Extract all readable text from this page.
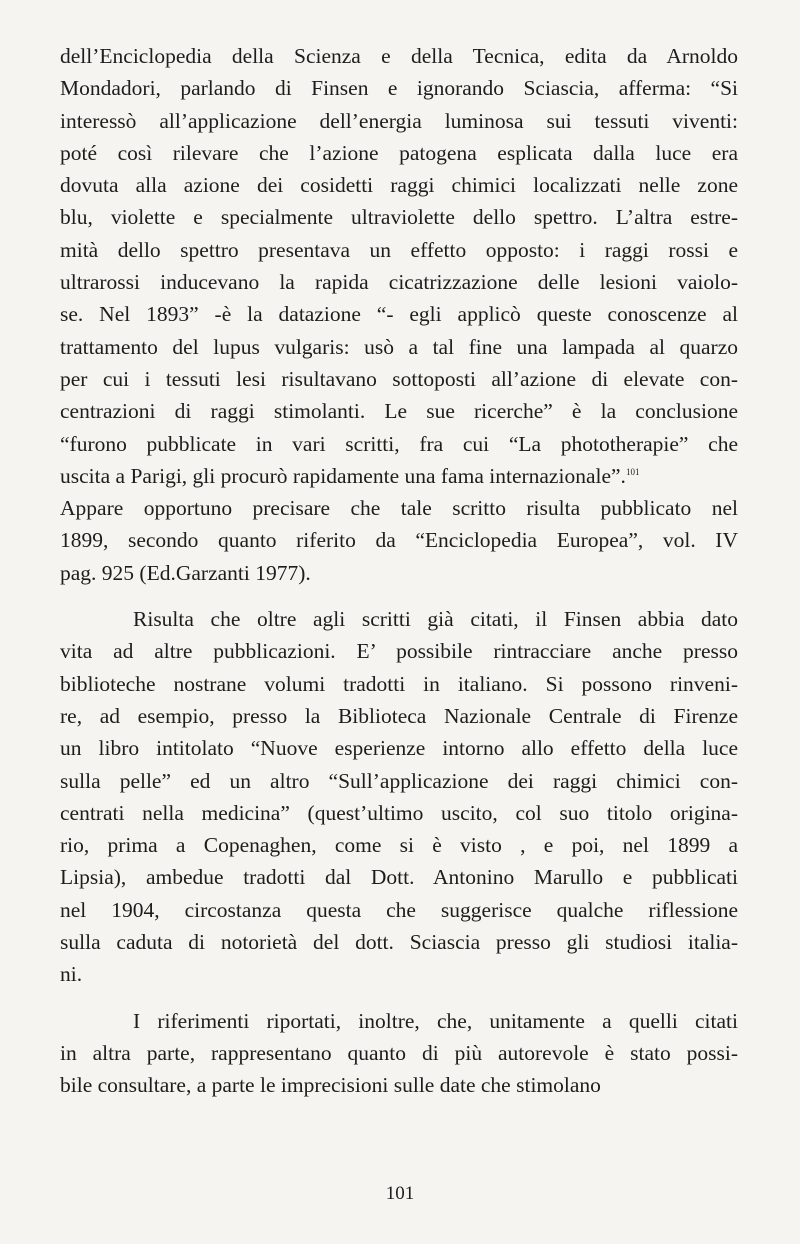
dell’Enciclopedia della Scienza e della Tecnica, edita da Arnoldo
Mondadori, parlando di Finsen e ignorando Sciascia, afferma: “Si
interessò all’applicazione dell’energia luminosa sui tessuti viventi:
poté così rilevare che l’azione patogena esplicata dalla luce era
dovuta alla azione dei cosidetti raggi chimici localizzati nelle zone
blu, violette e specialmente ultraviolette dello spettro. L’altra estre-
mità dello spettro presentava un effetto opposto: i raggi rossi e
ultrarossi inducevano la rapida cicatrizzazione delle lesioni vaiolo-
se. Nel 1893” -è la datazione “- egli applicò queste conoscenze al
trattamento del lupus vulgaris: usò a tal fine una lampada al quarzo
per cui i tessuti lesi risultavano sottoposti all’azione di elevate con-
centrazioni di raggi stimolanti. Le sue ricerche” è la conclusione
“furono pubblicate in vari scritti, fra cui “La phototherapie” che
uscita a Parigi, gli procurò rapidamente una fama internazionale”.$^{101}$
Appare opportuno precisare che tale scritto risulta pubblicato nel
1899, secondo quanto riferito da “Enciclopedia Europea”, vol. IV
pag. 925 (Ed.Garzanti 1977).
Risulta che oltre agli scritti già citati, il Finsen abbia dato
vita ad altre pubblicazioni. E’ possibile rintracciare anche presso
biblioteche nostrane volumi tradotti in italiano. Si possono rinveni-
re, ad esempio, presso la Biblioteca Nazionale Centrale di Firenze
un libro intitolato “Nuove esperienze intorno allo effetto della luce
sulla pelle” ed un altro “Sull’applicazione dei raggi chimici con-
centrati nella medicina” (quest’ultimo uscito, col suo titolo origina-
rio, prima a Copenaghen, come si è visto , e poi, nel 1899 a
Lipsia), ambedue tradotti dal Dott. Antonino Marullo e pubblicati
nel 1904, circostanza questa che suggerisce qualche riflessione
sulla caduta di notorietà del dott. Sciascia presso gli studiosi italia-
ni.
I riferimenti riportati, inoltre, che, unitamente a quelli citati
in altra parte, rappresentano quanto di più autorevole è stato possi-
bile consultare, a parte le imprecisioni sulle date che stimolano
101
